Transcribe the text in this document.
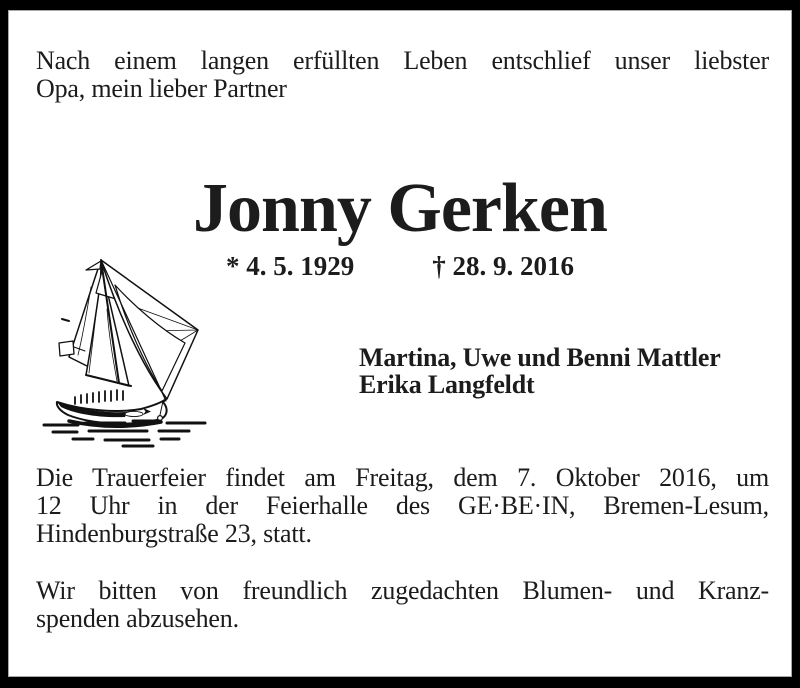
Nach einem langen erfüllten Leben entschlief unser liebster
Opa, mein lieber Partner
Jonny Gerken
* 4. 5. 1929	† 28. 9. 2016
Martina, Uwe und Benni Mattler
Erika Langfeldt
Die Trauerfeier findet am Freitag, dem 7. Oktober 2016, um
12 Uhr in der Feierhalle des GE·BE·IN, Bremen-Lesum,
Hindenburgstraße 23, statt.
Wir bitten von freundlich zugedachten Blumen- und Kranz-
spenden abzusehen.
